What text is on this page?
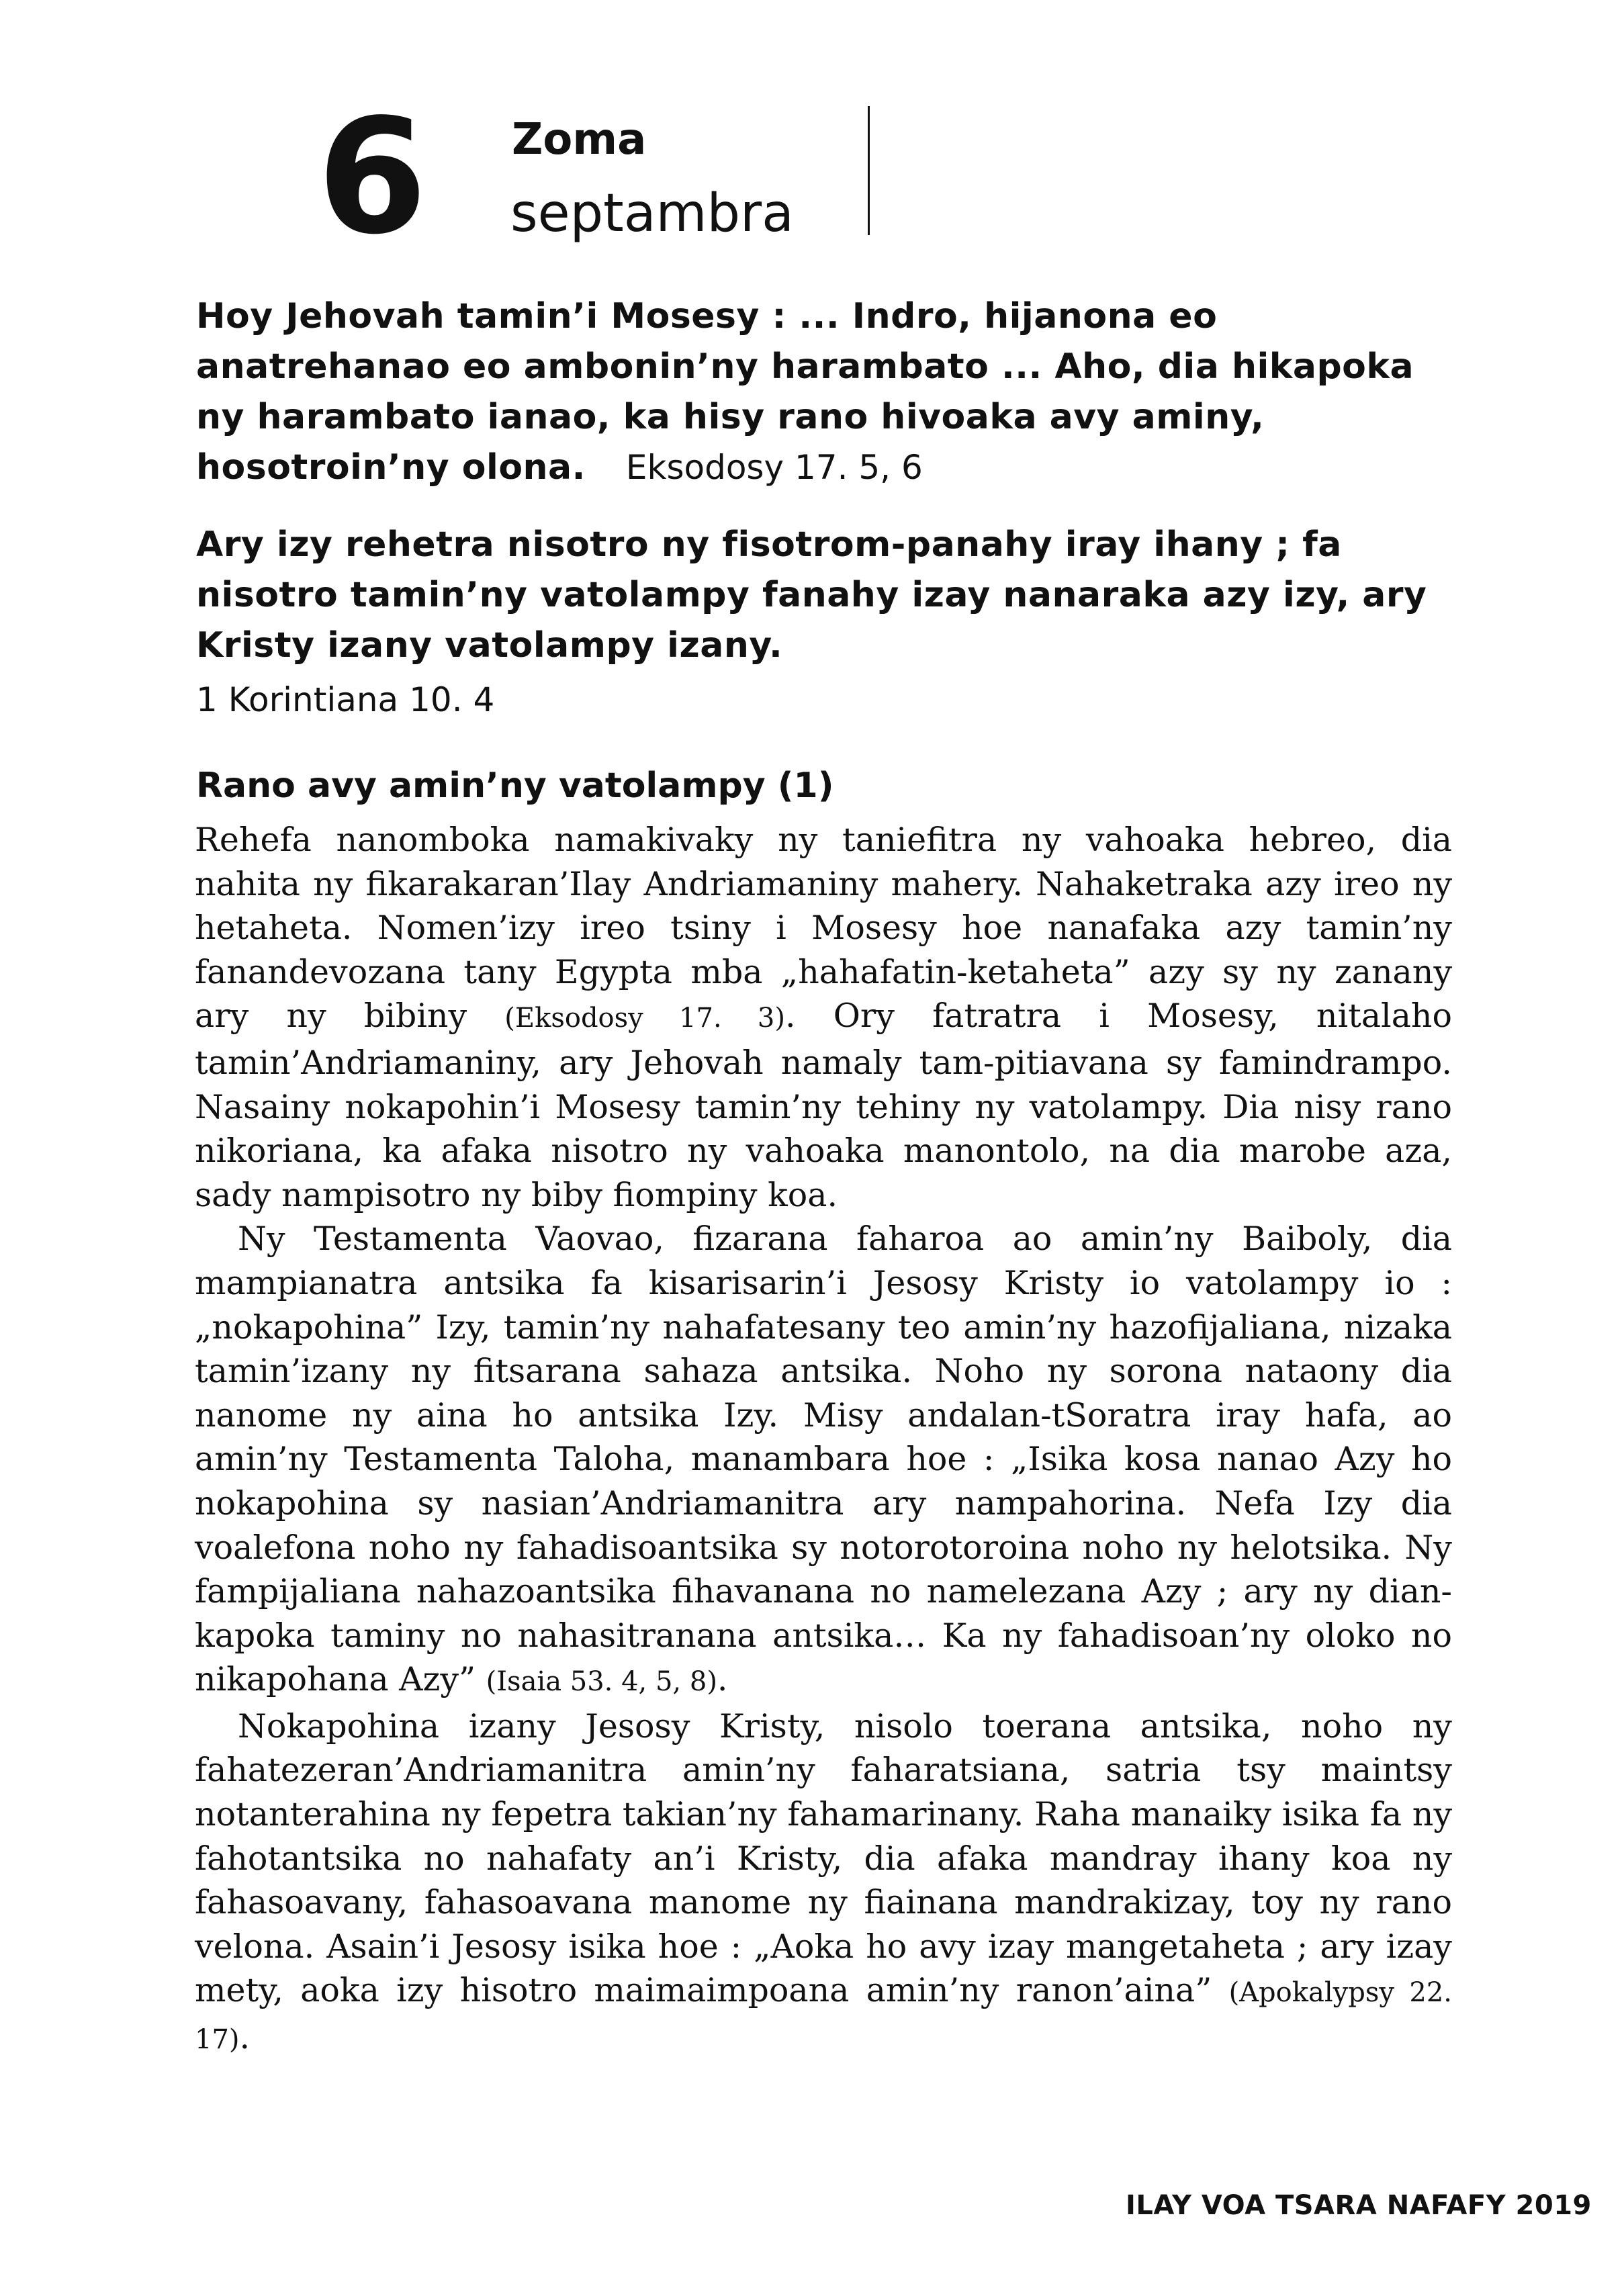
6 Zoma
septambra
Hoy Jehovah tamin’i Mosesy : ... Indro, hijanona eo anatrehanao eo ambonin’ny harambato ... Aho, dia hikapoka ny harambato ianao, ka hisy rano hivoaka avy aminy, hosotroin’ny olona. Eksodosy 17. 5, 6
Ary izy rehetra nisotro ny fisotrom-panahy iray ihany ; fa nisotro tamin’ny vatolampy fanahy izay nanaraka azy izy, ary Kristy izany vatolampy izany.
1 Korintiana 10. 4
Rano avy amin’ny vatolampy (1)

Rehefa nanomboka namakivaky ny taniefitra ny vahoaka hebreo, dia nahita ny fikarakaran’Ilay Andriamaniny mahery. Nahaketraka azy ireo ny hetaheta. Nomen’izy ireo tsiny i Mosesy hoe nanafaka azy tamin’ny fanandevozana tany Egypta mba „hahafatin-ketaheta” azy sy ny zanany ary ny bibiny (Eksodosy 17. 3). Ory fatratra i Mosesy, nitalaho tamin’Andriamaniny, ary Jehovah namaly tam-pitiavana sy famindrampo. Nasainy nokapohin’i Mosesy tamin’ny tehiny ny vatolampy. Dia nisy rano nikoriana, ka afaka nisotro ny vahoaka manontolo, na dia marobe aza, sady nampisotro ny biby fiompiny koa.

Ny Testamenta Vaovao, fizarana faharoa ao amin’ny Baiboly, dia mampianatra antsika fa kisarisarin’i Jesosy Kristy io vatolampy io : „nokapohina” Izy, tamin’ny nahafatesany teo amin’ny hazofijaliana, nizaka tamin’izany ny fitsarana sahaza antsika. Noho ny sorona nataony dia nanome ny aina ho antsika Izy. Misy andalan-tSoratra iray hafa, ao amin’ny Testamenta Taloha, manambara hoe : „Isika kosa nanao Azy ho nokapohina sy nasian’Andriamanitra ary nampahorina. Nefa Izy dia voalefona noho ny fahadisoantsika sy notorotoroina noho ny helotsika. Ny fampijaliana nahazoantsika fihavanana no namelezana Azy ; ary ny dian-kapoka taminy no nahasitranana antsika… Ka ny fahadisoan’ny oloko no nikapohana Azy” (Isaia 53. 4, 5, 8).

Nokapohina izany Jesosy Kristy, nisolo toerana antsika, noho ny fahatezeran’Andriamanitra amin’ny faharatsiana, satria tsy maintsy notanterahina ny fepetra takian’ny fahamarinany. Raha manaiky isika fa ny fahotantsika no nahafaty an’i Kristy, dia afaka mandray ihany koa ny fahasoavany, fahasoavana manome ny fiainana mandrakizay, toy ny rano velona. Asain’i Jesosy isika hoe : „Aoka ho avy izay mangetaheta ; ary izay mety, aoka izy hisotro maimaimpoana amin’ny ranon’aina” (Apokalypsy 22. 17).

ILAY VOA TSARA NAFAFY 2019
